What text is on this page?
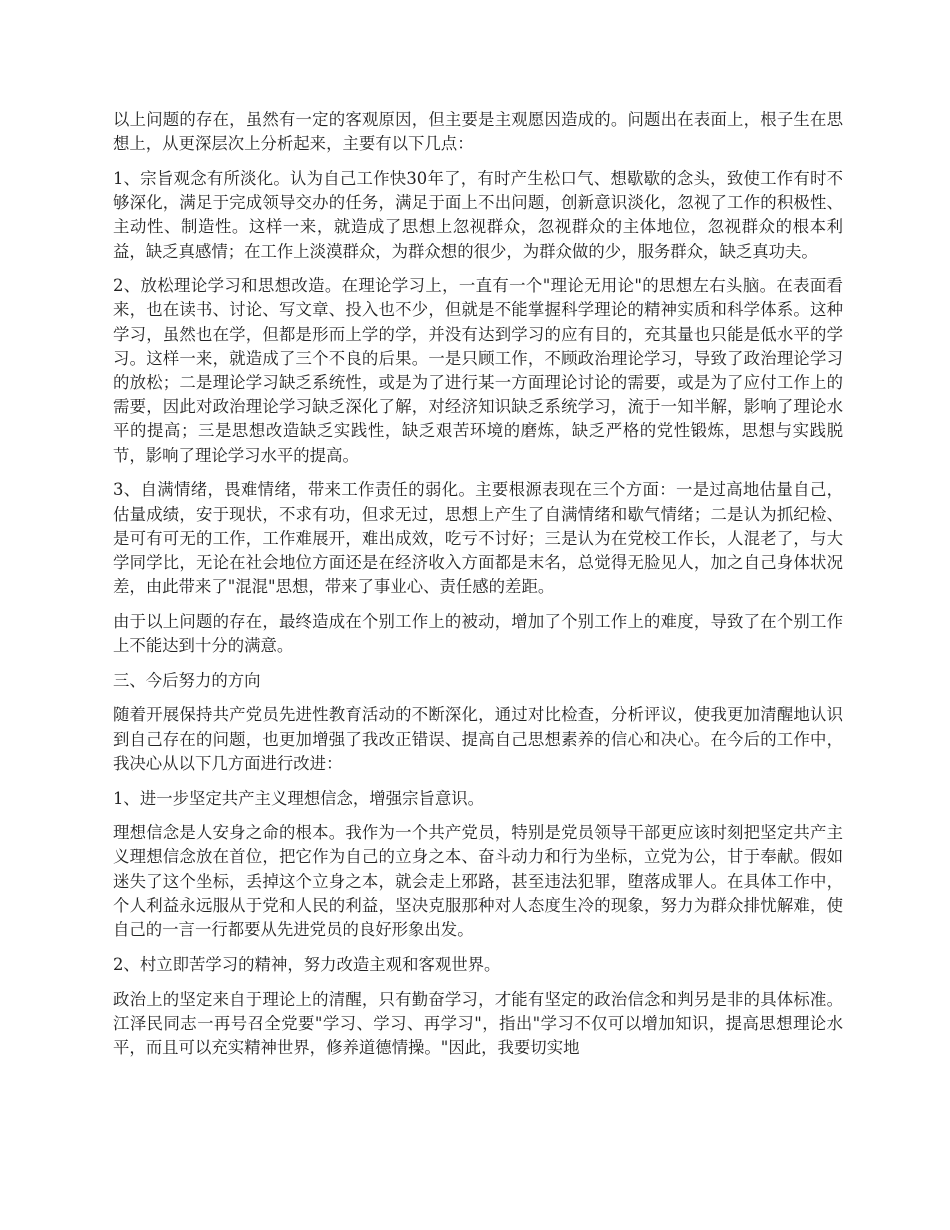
以上问题的存在，虽然有一定的客观原因，但主要是主观愿因造成的。问题出在表面上，根子生在思想上，从更深层次上分析起来，主要有以下几点：

1、宗旨观念有所淡化。认为自己工作快30年了，有时产生松口气、想歇歇的念头，致使工作有时不够深化，满足于完成领导交办的任务，满足于面上不出问题，创新意识淡化，忽视了工作的积极性、主动性、制造性。这样一来，就造成了思想上忽视群众，忽视群众的主体地位，忽视群众的根本利益，缺乏真感情；在工作上淡漠群众，为群众想的很少，为群众做的少，服务群众，缺乏真功夫。

2、放松理论学习和思想改造。在理论学习上，一直有一个"理论无用论"的思想左右头脑。在表面看来，也在读书、讨论、写文章、投入也不少，但就是不能掌握科学理论的精神实质和科学体系。这种学习，虽然也在学，但都是形而上学的学，并没有达到学习的应有目的，充其量也只能是低水平的学习。这样一来，就造成了三个不良的后果。一是只顾工作，不顾政治理论学习，导致了政治理论学习的放松；二是理论学习缺乏系统性，或是为了进行某一方面理论讨论的需要，或是为了应付工作上的需要，因此对政治理论学习缺乏深化了解，对经济知识缺乏系统学习，流于一知半解，影响了理论水平的提高；三是思想改造缺乏实践性，缺乏艰苦环境的磨炼，缺乏严格的党性锻炼，思想与实践脱节，影响了理论学习水平的提高。

3、自满情绪，畏难情绪，带来工作责任的弱化。主要根源表现在三个方面：一是过高地估量自己，估量成绩，安于现状，不求有功，但求无过，思想上产生了自满情绪和歇气情绪；二是认为抓纪检、是可有可无的工作，工作难展开，难出成效，吃亏不讨好；三是认为在党校工作长，人混老了，与大学同学比，无论在社会地位方面还是在经济收入方面都是末名，总觉得无脸见人，加之自己身体状况差，由此带来了"混混"思想，带来了事业心、责任感的差距。

由于以上问题的存在，最终造成在个别工作上的被动，增加了个别工作上的难度，导致了在个别工作上不能达到十分的满意。

三、今后努力的方向

随着开展保持共产党员先进性教育活动的不断深化，通过对比检查，分析评议，使我更加清醒地认识到自己存在的问题，也更加增强了我改正错误、提高自己思想素养的信心和决心。在今后的工作中，我决心从以下几方面进行改进：

1、进一步坚定共产主义理想信念，增强宗旨意识。

理想信念是人安身之命的根本。我作为一个共产党员，特别是党员领导干部更应该时刻把坚定共产主义理想信念放在首位，把它作为自己的立身之本、奋斗动力和行为坐标，立党为公，甘于奉献。假如迷失了这个坐标，丢掉这个立身之本，就会走上邪路，甚至违法犯罪，堕落成罪人。在具体工作中，个人利益永远服从于党和人民的利益，坚决克服那种对人态度生冷的现象，努力为群众排忧解难，使自己的一言一行都要从先进党员的良好形象出发。

2、村立即苦学习的精神，努力改造主观和客观世界。

政治上的坚定来自于理论上的清醒，只有勤奋学习，才能有坚定的政治信念和判另是非的具体标准。江泽民同志一再号召全党要"学习、学习、再学习"，指出"学习不仅可以增加知识，提高思想理论水平，而且可以充实精神世界，修养道德情操。"因此，我要切实地
